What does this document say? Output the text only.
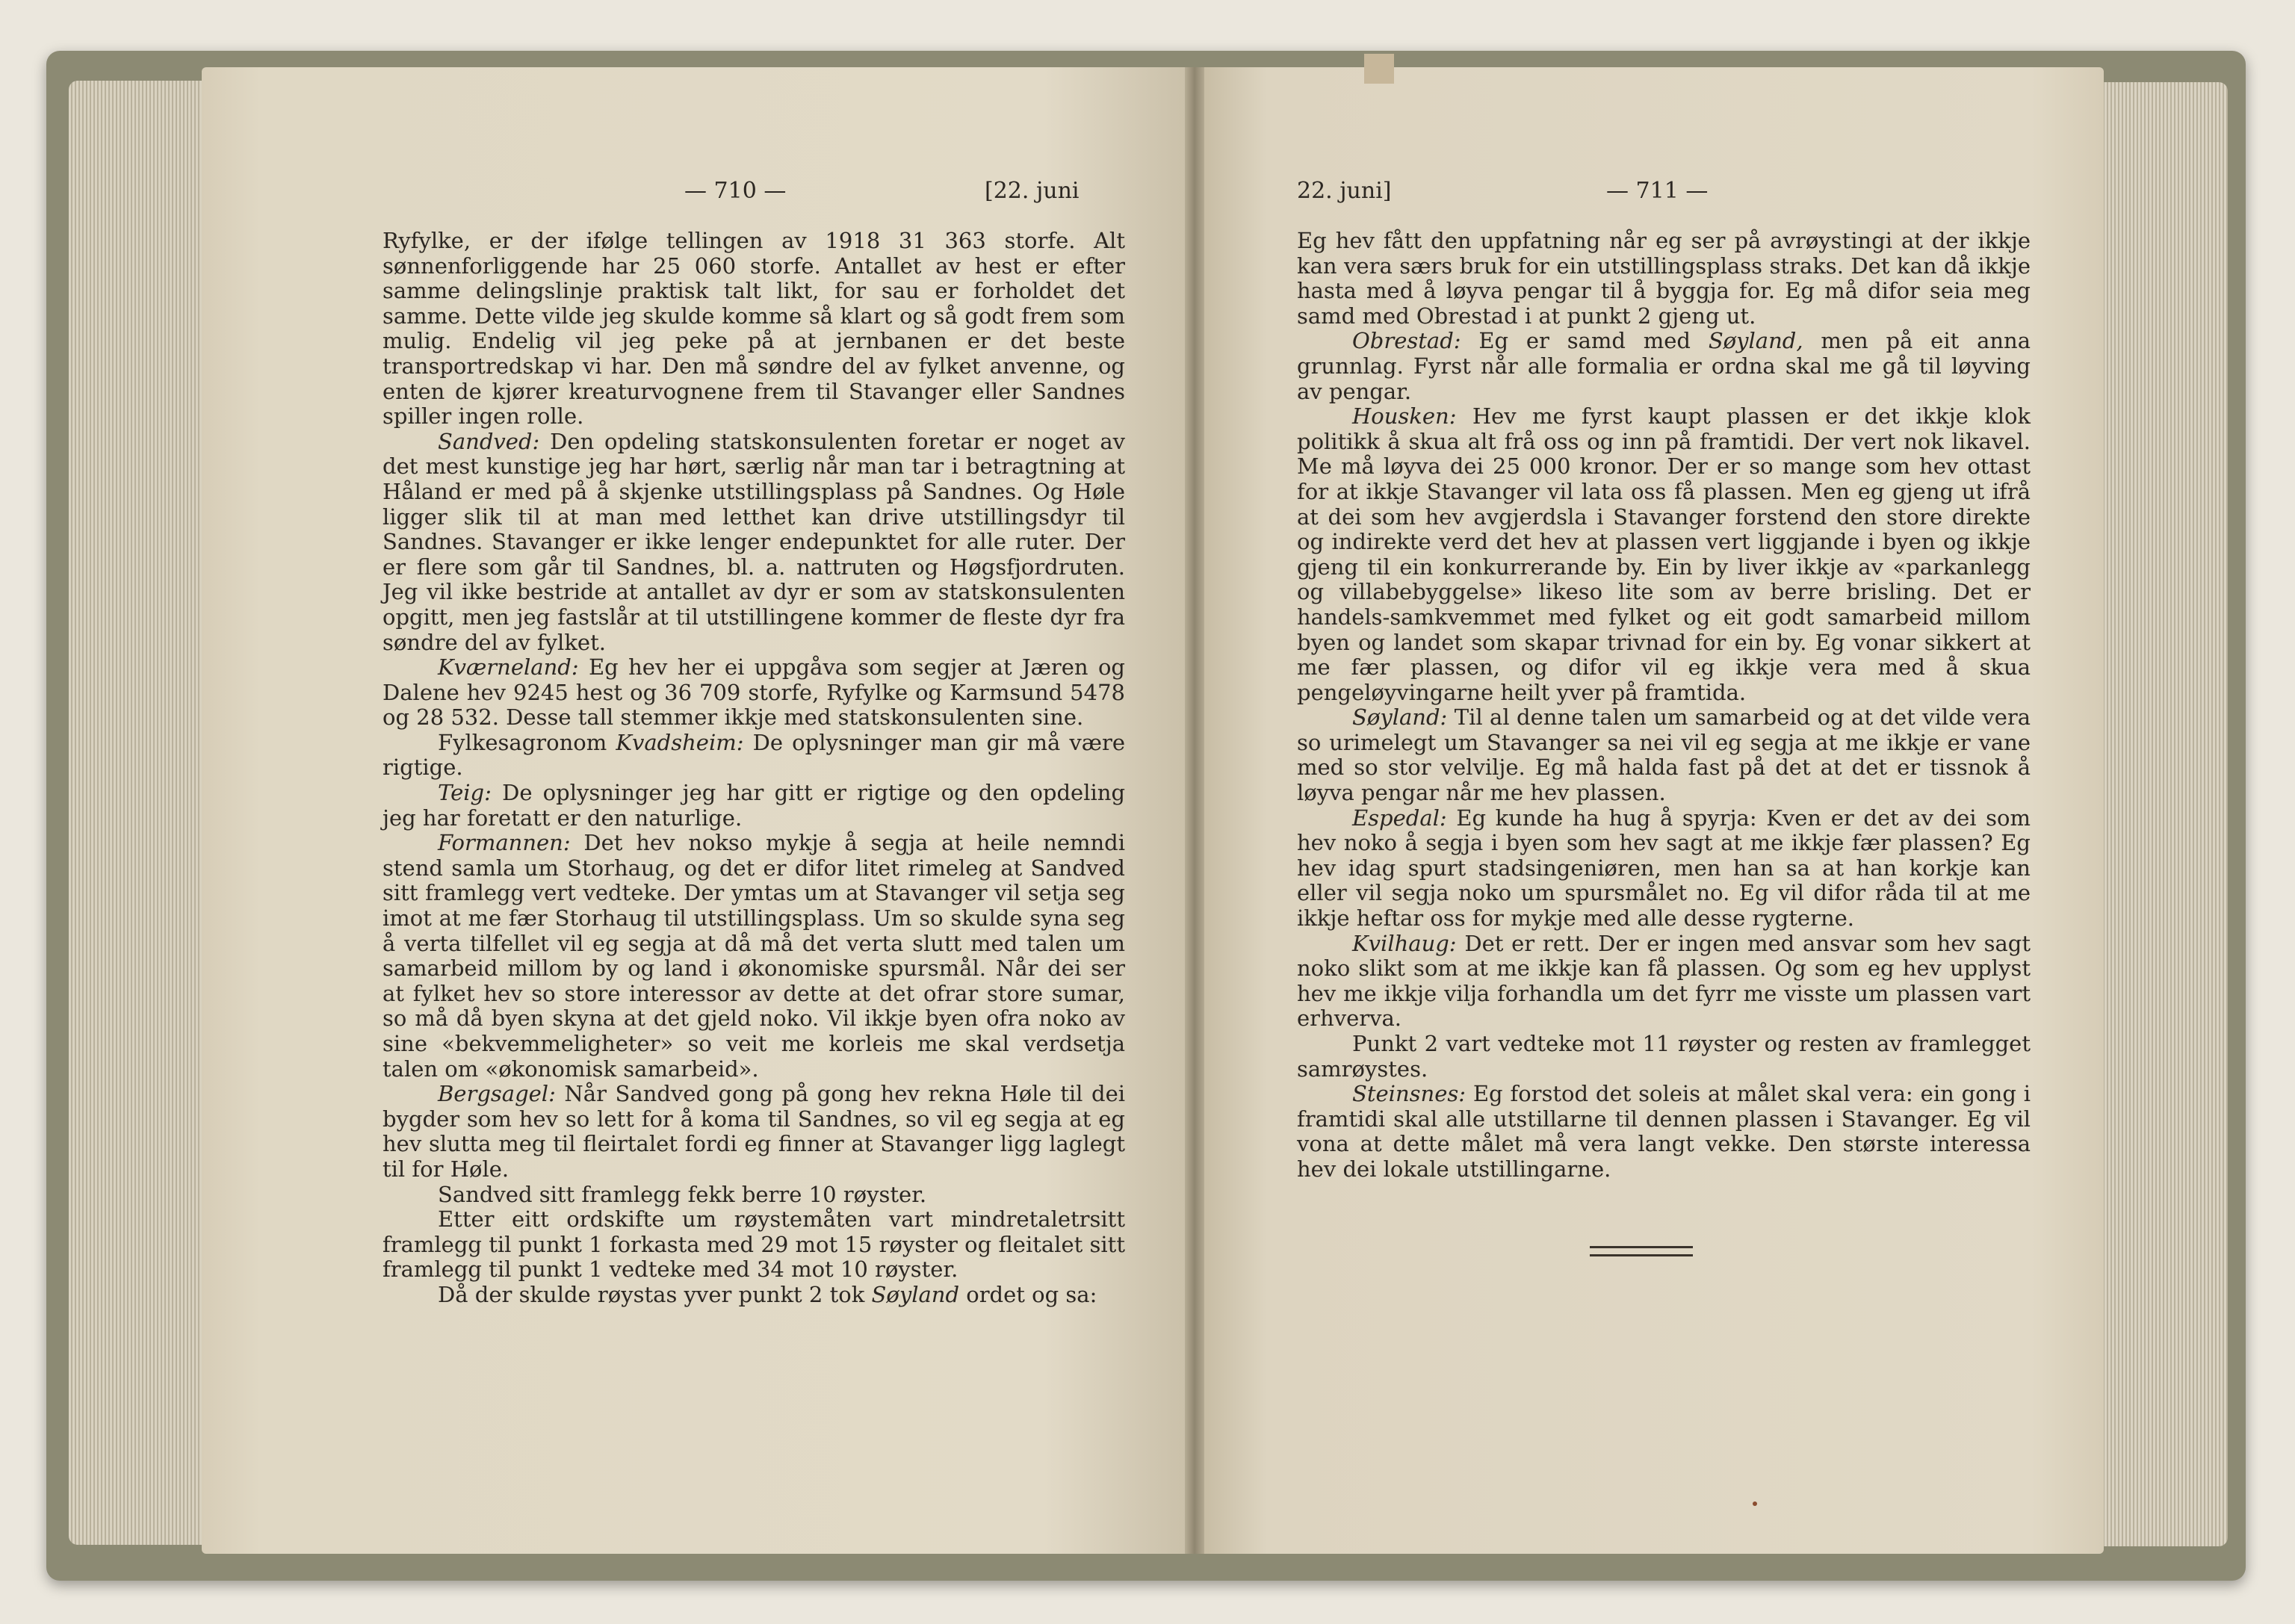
— 710 —	[22. juni	22. juni]	— 711 —

Ryfylke, er der ifølge tellingen av 1918 31 363 storfe. Alt sønnenforliggende har 25 060 storfe. Antallet av hest er efter samme delingslinje praktisk talt likt, for sau er forholdet det samme. Dette vilde jeg skulde komme så klart og så godt frem som mulig. Endelig vil jeg peke på at jernbanen er det beste transportredskap vi har. Den må søndre del av fylket anvenne, og enten de kjører kreaturvognene frem til Stavanger eller Sandnes spiller ingen rolle.

Sandved: Den opdeling statskonsulenten foretar er noget av det mest kunstige jeg har hørt, særlig når man tar i betragtning at Håland er med på å skjenke utstillingsplass på Sandnes. Og Høle ligger slik til at man med letthet kan drive utstillingsdyr til Sandnes. Stavanger er ikke lenger endepunktet for alle ruter. Der er flere som går til Sandnes, bl. a. nattruten og Høgsfjordruten. Jeg vil ikke bestride at antallet av dyr er som av statskonsulenten opgitt, men jeg fastslår at til utstillingene kommer de fleste dyr fra søndre del av fylket.

Kværneland: Eg hev her ei uppgåva som segjer at Jæren og Dalene hev 9245 hest og 36 709 storfe, Ryfylke og Karmsund 5478 og 28 532. Desse tall stemmer ikkje med statskonsulenten sine.

Fylkesagronom Kvadsheim: De oplysninger man gir må være rigtige.

Teig: De oplysninger jeg har gitt er rigtige og den opdeling jeg har foretatt er den naturlige.

Formannen: Det hev nokso mykje å segja at heile nemndi stend samla um Storhaug, og det er difor litet rimeleg at Sandved sitt framlegg vert vedteke. Der ymtas um at Stavanger vil setja seg imot at me fær Storhaug til utstillingsplass. Um so skulde syna seg å verta tilfellet vil eg segja at då må det verta slutt med talen um samarbeid millom by og land i økonomiske spursmål. Når dei ser at fylket hev so store interessor av dette at det ofrar store sumar, so må då byen skyna at det gjeld noko. Vil ikkje byen ofra noko av sine «bekvemmeligheter» so veit me korleis me skal verdsetja talen om «økonomisk samarbeid».

Bergsagel: Når Sandved gong på gong hev rekna Høle til dei bygder som hev so lett for å koma til Sandnes, so vil eg segja at eg hev slutta meg til fleirtalet fordi eg finner at Stavanger ligg laglegt til for Høle.

Sandved sitt framlegg fekk berre 10 røyster.

Etter eitt ordskifte um røystemåten vart mindretaletrsitt framlegg til punkt 1 forkasta med 29 mot 15 røyster og fleitalet sitt framlegg til punkt 1 vedteke med 34 mot 10 røyster.

Då der skulde røystas yver punkt 2 tok Søyland ordet og sa:

Eg hev fått den uppfatning når eg ser på avrøystingi at der ikkje kan vera særs bruk for ein utstillingsplass straks. Det kan då ikkje hasta med å løyva pengar til å byggja for. Eg må difor seia meg samd med Obrestad i at punkt 2 gjeng ut.

Obrestad: Eg er samd med Søyland, men på eit anna grunnlag. Fyrst når alle formalia er ordna skal me gå til løyving av pengar.

Housken: Hev me fyrst kaupt plassen er det ikkje klok politikk å skua alt frå oss og inn på framtidi. Der vert nok likavel. Me må løyva dei 25 000 kronor. Der er so mange som hev ottast for at ikkje Stavanger vil lata oss få plassen. Men eg gjeng ut ifrå at dei som hev avgjerdsla i Stavanger forstend den store direkte og indirekte verd det hev at plassen vert liggjande i byen og ikkje gjeng til ein konkurrerande by. Ein by liver ikkje av «parkanlegg og villabebyggelse» likeso lite som av berre brisling. Det er handels-samkvemmet med fylket og eit godt samarbeid millom byen og landet som skapar trivnad for ein by. Eg vonar sikkert at me fær plassen, og difor vil eg ikkje vera med å skua pengeløyvingarne heilt yver på framtida.

Søyland: Til al denne talen um samarbeid og at det vilde vera so urimelegt um Stavanger sa nei vil eg segja at me ikkje er vane med so stor velvilje. Eg må halda fast på det at det er tissnok å løyva pengar når me hev plassen.

Espedal: Eg kunde ha hug å spyrja: Kven er det av dei som hev noko å segja i byen som hev sagt at me ikkje fær plassen? Eg hev idag spurt stadsingeniøren, men han sa at han korkje kan eller vil segja noko um spursmålet no. Eg vil difor råda til at me ikkje heftar oss for mykje med alle desse rygterne.

Kvilhaug: Det er rett. Der er ingen med ansvar som hev sagt noko slikt som at me ikkje kan få plassen. Og som eg hev upplyst hev me ikkje vilja forhandla um det fyrr me visste um plassen vart erhverva.

Punkt 2 vart vedteke mot 11 røyster og resten av framlegget samrøystes.

Steinsnes: Eg forstod det soleis at målet skal vera: ein gong i framtidi skal alle utstillarne til dennen plassen i Stavanger. Eg vil vona at dette målet må vera langt vekke. Den største interessa hev dei lokale utstillingarne.
